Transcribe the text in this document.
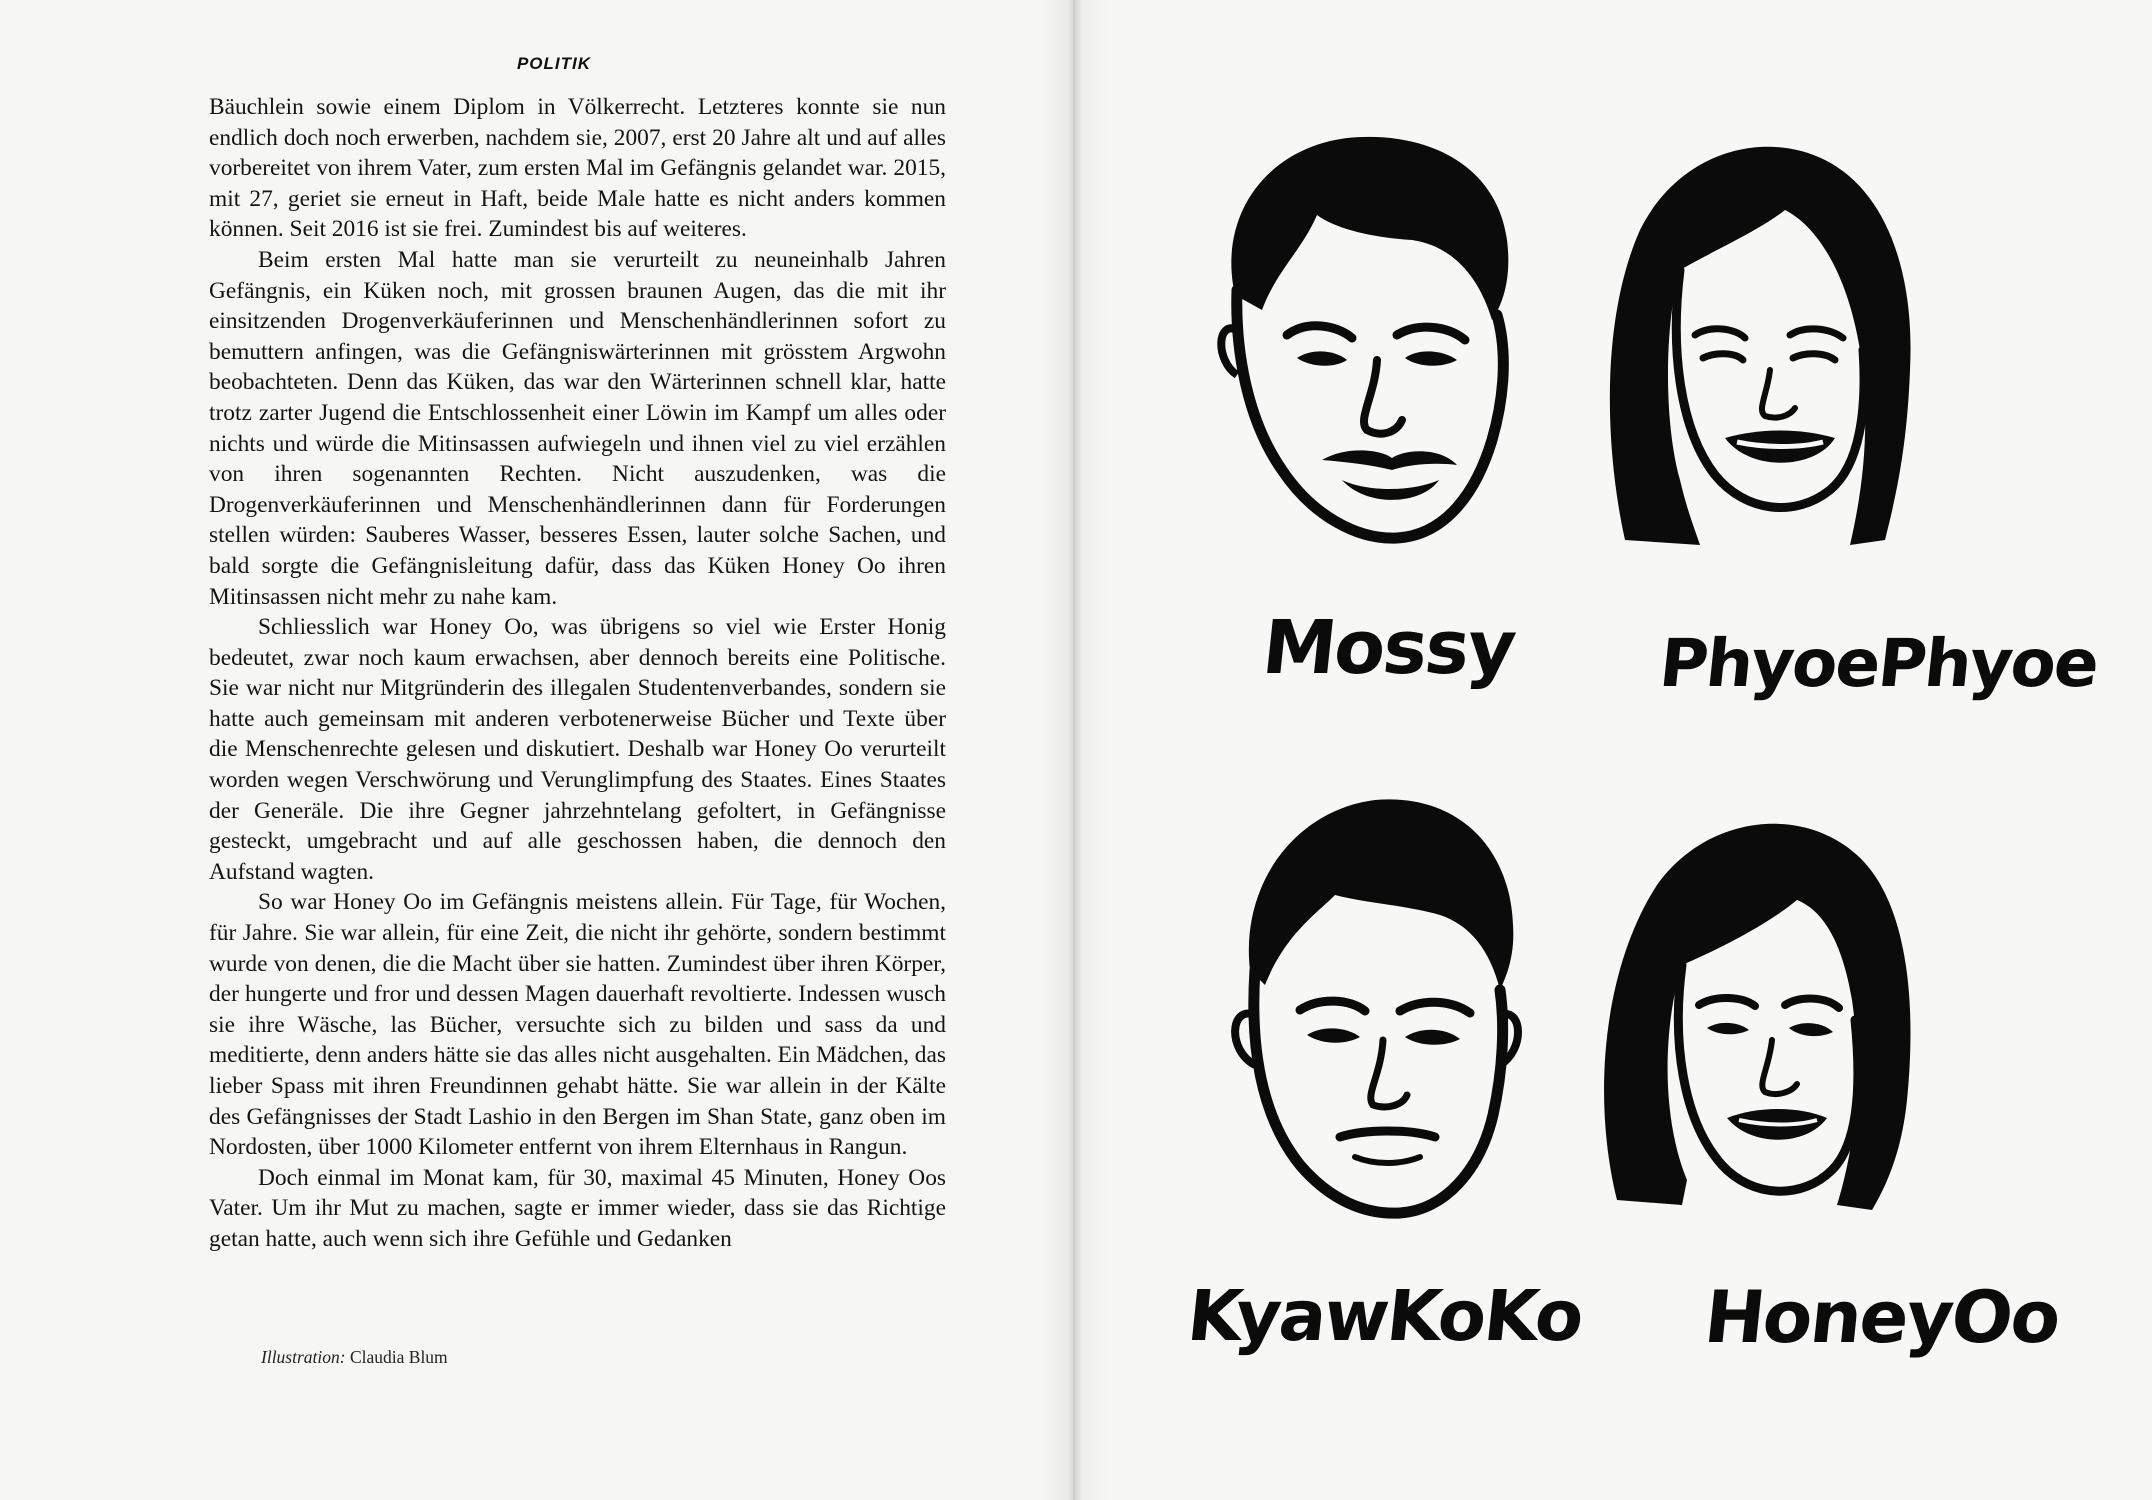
POLITIK

Bäuchlein sowie einem Diplom in Völkerrecht. Letzteres konnte sie nun endlich doch noch erwerben, nachdem sie, 2007, erst 20 Jahre alt und auf alles vorbereitet von ihrem Vater, zum ersten Mal im Gefängnis gelandet war. 2015, mit 27, geriet sie erneut in Haft, beide Male hatte es nicht anders kommen können. Seit 2016 ist sie frei. Zumindest bis auf weiteres.

Beim ersten Mal hatte man sie verurteilt zu neuneinhalb Jahren Gefängnis, ein Küken noch, mit grossen braunen Augen, das die mit ihr einsitzenden Drogenverkäuferinnen und Menschenhändlerinnen sofort zu bemuttern anfingen, was die Gefängniswärterinnen mit grösstem Argwohn beobachteten. Denn das Küken, das war den Wärterinnen schnell klar, hatte trotz zarter Jugend die Entschlossenheit einer Löwin im Kampf um alles oder nichts und würde die Mitinsassen aufwiegeln und ihnen viel zu viel erzählen von ihren sogenannten Rechten. Nicht auszudenken, was die Drogenverkäuferinnen und Menschenhändlerinnen dann für Forderungen stellen würden: Sauberes Wasser, besseres Essen, lauter solche Sachen, und bald sorgte die Gefängnisleitung dafür, dass das Küken Honey Oo ihren Mitinsassen nicht mehr zu nahe kam.

Schliesslich war Honey Oo, was übrigens so viel wie Erster Honig bedeutet, zwar noch kaum erwachsen, aber dennoch bereits eine Politische. Sie war nicht nur Mitgründerin des illegalen Studentenverbandes, sondern sie hatte auch gemeinsam mit anderen verbotenerweise Bücher und Texte über die Menschenrechte gelesen und diskutiert. Deshalb war Honey Oo verurteilt worden wegen Verschwörung und Verunglimpfung des Staates. Eines Staates der Generäle. Die ihre Gegner jahrzehntelang gefoltert, in Gefängnisse gesteckt, umgebracht und auf alle geschossen haben, die dennoch den Aufstand wagten.

So war Honey Oo im Gefängnis meistens allein. Für Tage, für Wochen, für Jahre. Sie war allein, für eine Zeit, die nicht ihr gehörte, sondern bestimmt wurde von denen, die die Macht über sie hatten. Zumindest über ihren Körper, der hungerte und fror und dessen Magen dauerhaft revoltierte. Indessen wusch sie ihre Wäsche, las Bücher, versuchte sich zu bilden und sass da und meditierte, denn anders hätte sie das alles nicht ausgehalten. Ein Mädchen, das lieber Spass mit ihren Freundinnen gehabt hätte. Sie war allein in der Kälte des Gefängnisses der Stadt Lashio in den Bergen im Shan State, ganz oben im Nordosten, über 1000 Kilometer entfernt von ihrem Elternhaus in Rangun.

Doch einmal im Monat kam, für 30, maximal 45 Minuten, Honey Oos Vater. Um ihr Mut zu machen, sagte er immer wieder, dass sie das Richtige getan hatte, auch wenn sich ihre Gefühle und Gedanken

Illustration: Claudia Blum
Mossy PhyoePhyoe
KyawKoKo HoneyOo
